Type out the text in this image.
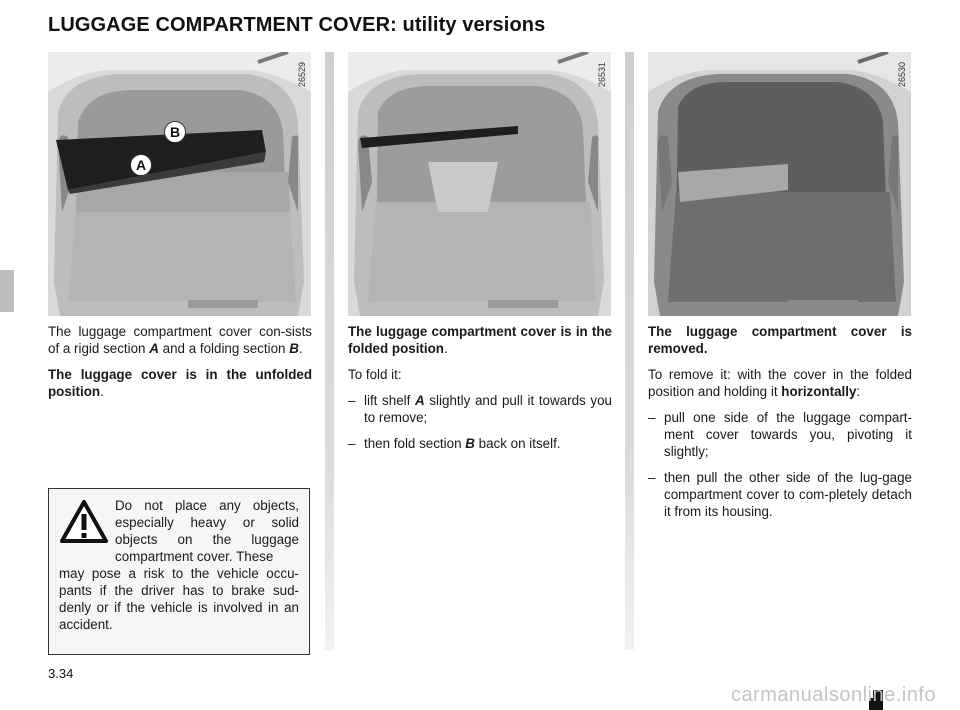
LUGGAGE COMPARTMENT COVER: utility versions
26529
B
A
26531	26530

The luggage compartment cover con-sists of a rigid section A and a folding section B.

The luggage cover is in the unfolded position.

Do not place any objects, especially heavy or solid objects on the luggage compartment cover. These
may pose a risk to the vehicle occu-pants if the driver has to brake sud-denly or if the vehicle is involved in an accident.

The luggage compartment cover is in the folded position.

To fold it:

– lift shelf A slightly and pull it towards you to remove;
– then fold section B back on itself.

The luggage compartment cover is removed.

To remove it: with the cover in the folded position and holding it horizontally:

– pull one side of the luggage compart-ment cover towards you, pivoting it slightly;
– then pull the other side of the lug-gage compartment cover to com-pletely detach it from its housing.
3.34
carmanualsonline.info
